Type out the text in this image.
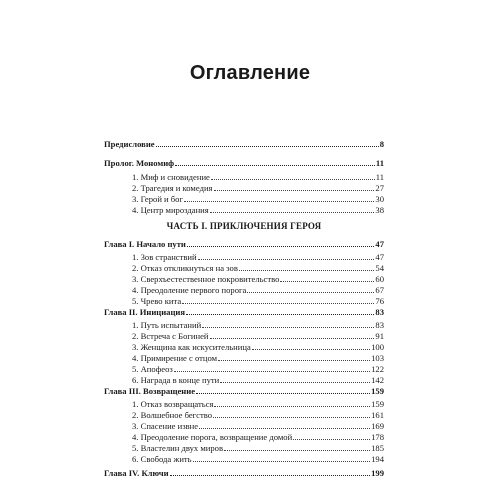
Оглавление
Предисловие	8
Пролог. Мономиф	11
1. Миф и сновидение	11
2. Трагедия и комедия	27
3. Герой и бог	30
4. Центр мироздания	38
ЧАСТЬ I. ПРИКЛЮЧЕНИЯ ГЕРОЯ
Глава I. Начало пути	47
1. Зов странствий	47
2. Отказ откликнуться на зов	54
3. Сверхъестественное покровительство	60
4. Преодоление первого порога	67
5. Чрево кита	76
Глава II. Инициация	83
1. Путь испытаний	83
2. Встреча с Богиней	91
3. Женщина как искусительница	100
4. Примирение с отцом	103
5. Апофеоз	122
6. Награда в конце пути	142
Глава III. Возвращение	159
1. Отказ возвращаться	159
2. Волшебное бегство	161
3. Спасение извне	169
4. Преодоление порога, возвращение домой	178
5. Властелин двух миров	185
6. Свобода жить	194
Глава IV. Ключи	199
